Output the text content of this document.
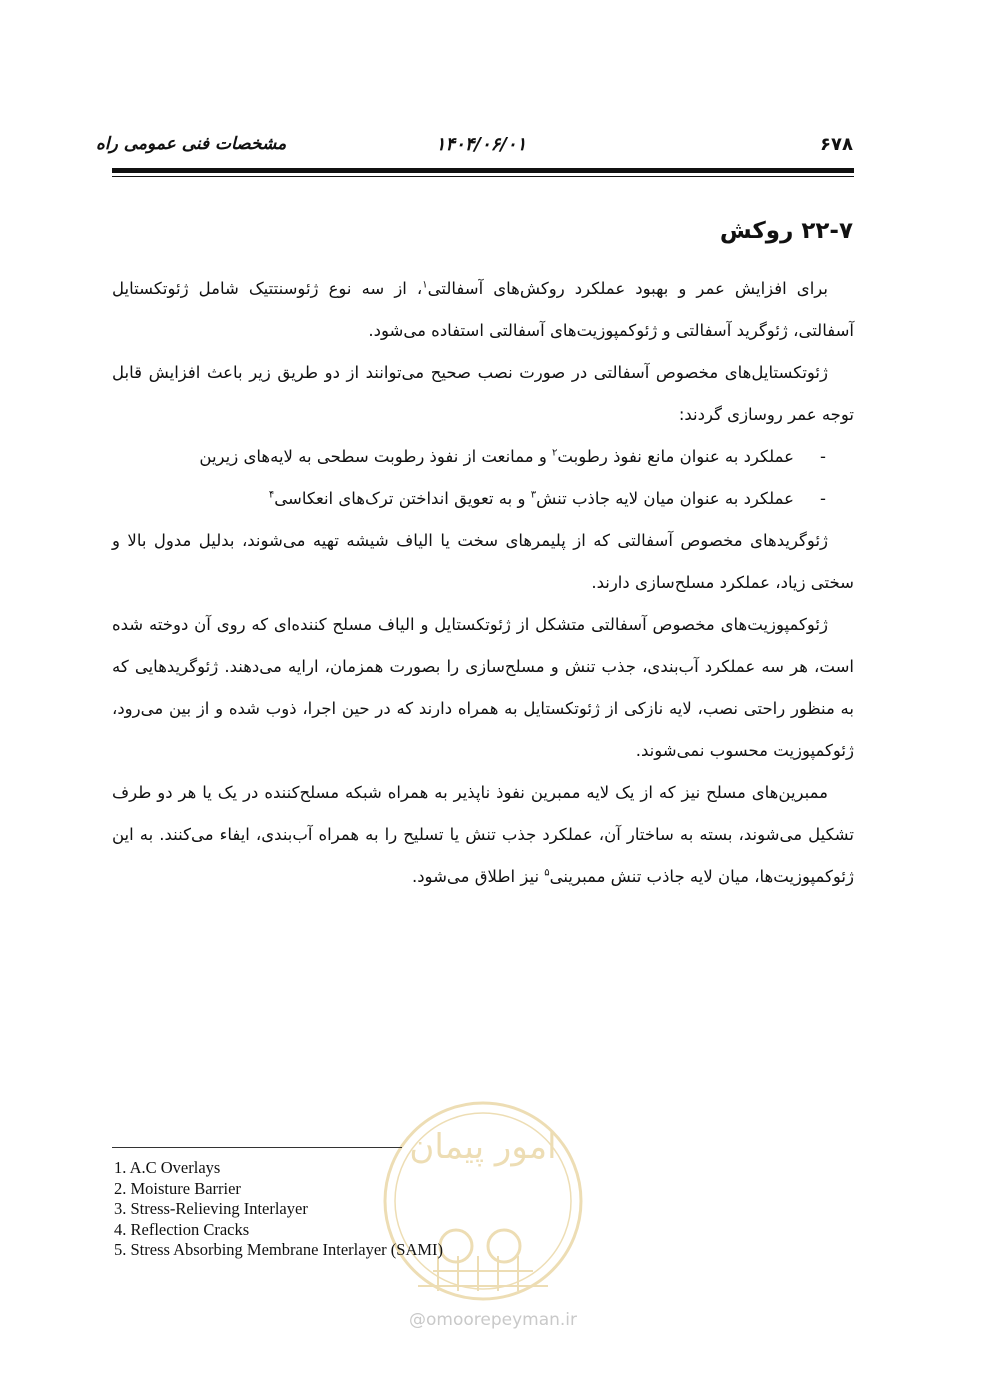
۶۷۸
۱۴۰۴/۰۶/۰۱
مشخصات فنی عمومی راه
۲۲-۷ روکش

برای افزایش عمر و بهبود عملکرد روکش‌های آسفالتی$^۱$، از سه نوع ژئوسنتتیک شامل ژئوتکستایل آسفالتی، ژئوگرید آسفالتی و ژئوکمپوزیت‌های آسفالتی استفاده می‌شود.

ژئوتکستایل‌های مخصوص آسفالتی در صورت نصب صحیح می‌توانند از دو طریق زیر باعث افزایش قابل توجه عمر روسازی گردند:

-
عملکرد به عنوان مانع نفوذ رطوبت$^۲$ و ممانعت از نفوذ رطوبت سطحی به لایه‌های زیرین
-
عملکرد به عنوان میان لایه جاذب تنش$^۳$ و به تعویق انداختن ترک‌های انعکاسی$^۴$

ژئوگریدهای مخصوص آسفالتی که از پلیمرهای سخت یا الیاف شیشه تهیه می‌شوند، بدلیل مدول بالا و سختی زیاد، عملکرد مسلح‌سازی دارند.

ژئوکمپوزیت‌های مخصوص آسفالتی متشکل از ژئوتکستایل و الیاف مسلح کننده‌ای که روی آن دوخته شده است، هر سه عملکرد آب‌بندی، جذب تنش و مسلح‌سازی را بصورت همزمان، ارایه می‌دهند. ژئوگریدهایی که به منظور راحتی نصب، لایه نازکی از ژئوتکستایل به همراه دارند که در حین اجرا، ذوب شده و از بین می‌رود، ژئوکمپوزیت محسوب نمی‌شوند.

ممبرین‌های مسلح نیز که از یک لایه ممبرین نفوذ ناپذیر به همراه شبکه مسلح‌کننده در یک یا هر دو طرف تشکیل می‌شوند، بسته به ساختار آن، عملکرد جذب تنش یا تسلیح را به همراه آب‌بندی، ایفاء می‌کنند. به این ژئوکمپوزیت‌ها، میان لایه جاذب تنش ممبرینی$^۵$ نیز اطلاق می‌شود.

امور پیمان
@omoorepeyman.ir
1. A.C Overlays
2. Moisture Barrier
3. Stress-Relieving Interlayer
4. Reflection Cracks
5. Stress Absorbing Membrane Interlayer (SAMI)
